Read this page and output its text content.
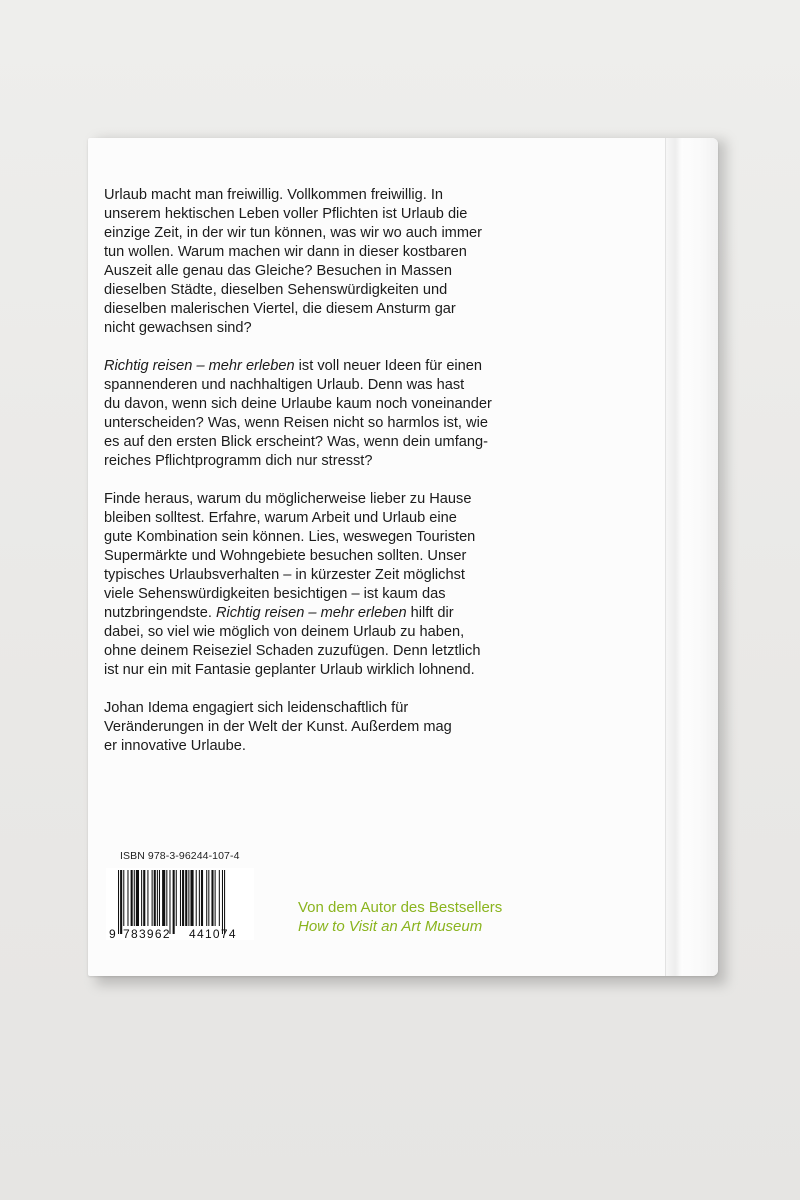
Urlaub macht man freiwillig. Vollkommen freiwillig. In
unserem hektischen Leben voller Pflichten ist Urlaub die
einzige Zeit, in der wir tun können, was wir wo auch immer
tun wollen. Warum machen wir dann in dieser kostbaren
Auszeit alle genau das Gleiche? Besuchen in Massen
dieselben Städte, dieselben Sehenswürdigkeiten und
dieselben malerischen Viertel, die diesem Ansturm gar
nicht gewachsen sind?

Richtig reisen – mehr erleben ist voll neuer Ideen für einen
spannenderen und nachhaltigen Urlaub. Denn was hast
du davon, wenn sich deine Urlaube kaum noch voneinander
unterscheiden? Was, wenn Reisen nicht so harmlos ist, wie
es auf den ersten Blick erscheint? Was, wenn dein umfang-
reiches Pflichtprogramm dich nur stresst?

Finde heraus, warum du möglicherweise lieber zu Hause
bleiben solltest. Erfahre, warum Arbeit und Urlaub eine
gute Kombination sein können. Lies, weswegen Touristen
Supermärkte und Wohngebiete besuchen sollten. Unser
typisches Urlaubsverhalten – in kürzester Zeit möglichst
viele Sehenswürdigkeiten besichtigen – ist kaum das
nutzbringendste. Richtig reisen – mehr erleben hilft dir
dabei, so viel wie möglich von deinem Urlaub zu haben,
ohne deinem Reiseziel Schaden zuzufügen. Denn letztlich
ist nur ein mit Fantasie geplanter Urlaub wirklich lohnend.

Johan Idema engagiert sich leidenschaftlich für
Veränderungen in der Welt der Kunst. Außerdem mag
er innovative Urlaube.

ISBN 978-3-96244-107-4
9 783962 441074
Von dem Autor des Bestsellers
How to Visit an Art Museum
